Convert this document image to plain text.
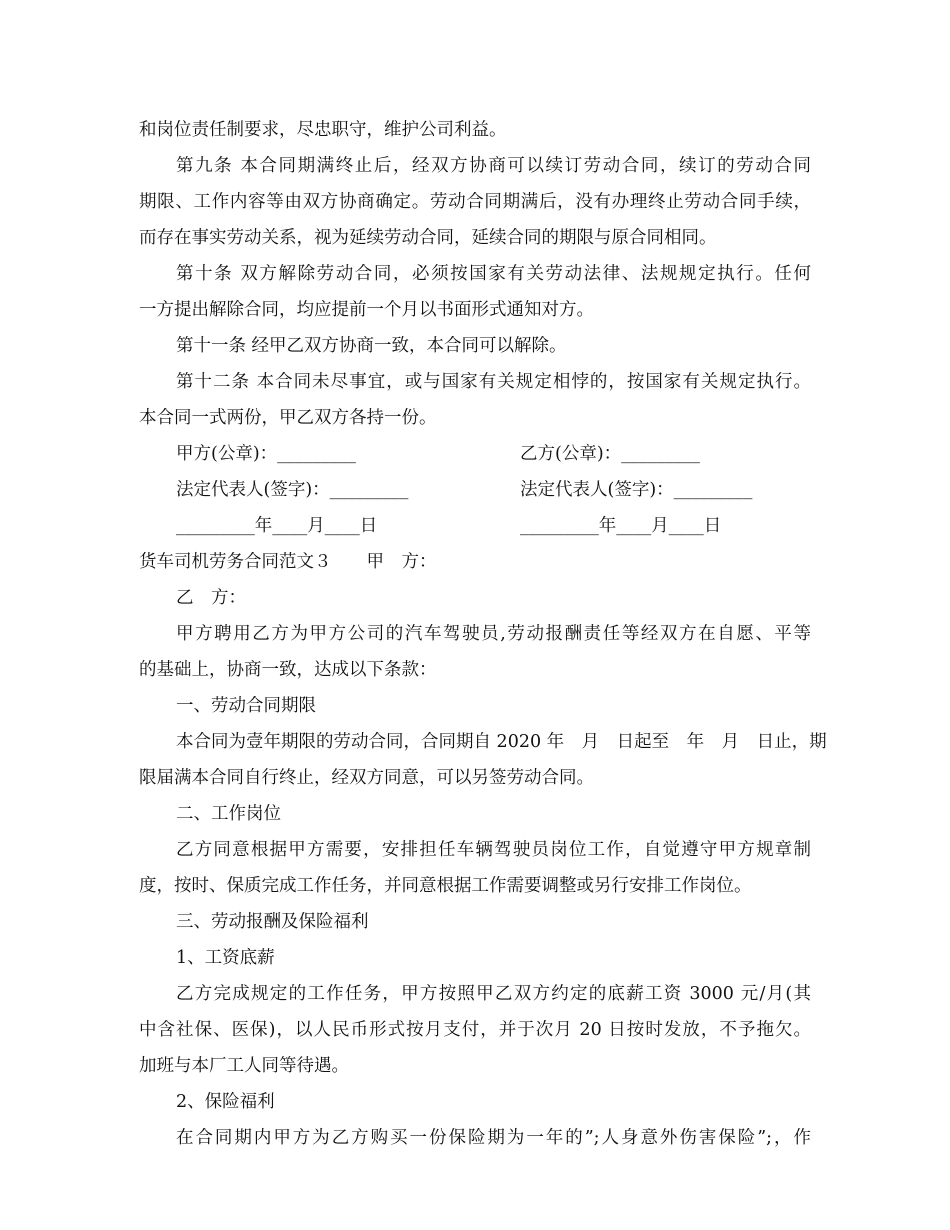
和岗位责任制要求，尽忠职守，维护公司利益。
第九条 本合同期满终止后，经双方协商可以续订劳动合同，续订的劳动合同
期限、工作内容等由双方协商确定。劳动合同期满后，没有办理终止劳动合同手续，
而存在事实劳动关系，视为延续劳动合同，延续合同的期限与原合同相同。
第十条 双方解除劳动合同，必须按国家有关劳动法律、法规规定执行。任何
一方提出解除合同，均应提前一个月以书面形式通知对方。
第十一条 经甲乙双方协商一致，本合同可以解除。
第十二条 本合同未尽事宜，或与国家有关规定相悖的，按国家有关规定执行。
本合同一式两份，甲乙双方各持一份。
甲方(公章)：_________	乙方(公章)：_________
法定代表人(签字)：_________	法定代表人(签字)：_________
_________年____月____日	_________年____月____日
货车司机劳务合同范文３　　甲　方：
乙　方：
甲方聘用乙方为甲方公司的汽车驾驶员,劳动报酬责任等经双方在自愿、平等
的基础上，协商一致，达成以下条款：
一、劳动合同期限
本合同为壹年期限的劳动合同，合同期自 2020 年　月　日起至　年　月　日止，期
限届满本合同自行终止，经双方同意，可以另签劳动合同。
二、工作岗位
乙方同意根据甲方需要，安排担任车辆驾驶员岗位工作，自觉遵守甲方规章制
度，按时、保质完成工作任务，并同意根据工作需要调整或另行安排工作岗位。
三、劳动报酬及保险福利
1、工资底薪
乙方完成规定的工作任务，甲方按照甲乙双方约定的底薪工资 3000 元/月(其
中含社保、医保)，以人民币形式按月支付，并于次月 20 日按时发放，不予拖欠。
加班与本厂工人同等待遇。
2、保险福利
在合同期内甲方为乙方购买一份保险期为一年的”;人身意外伤害保险”;，作
